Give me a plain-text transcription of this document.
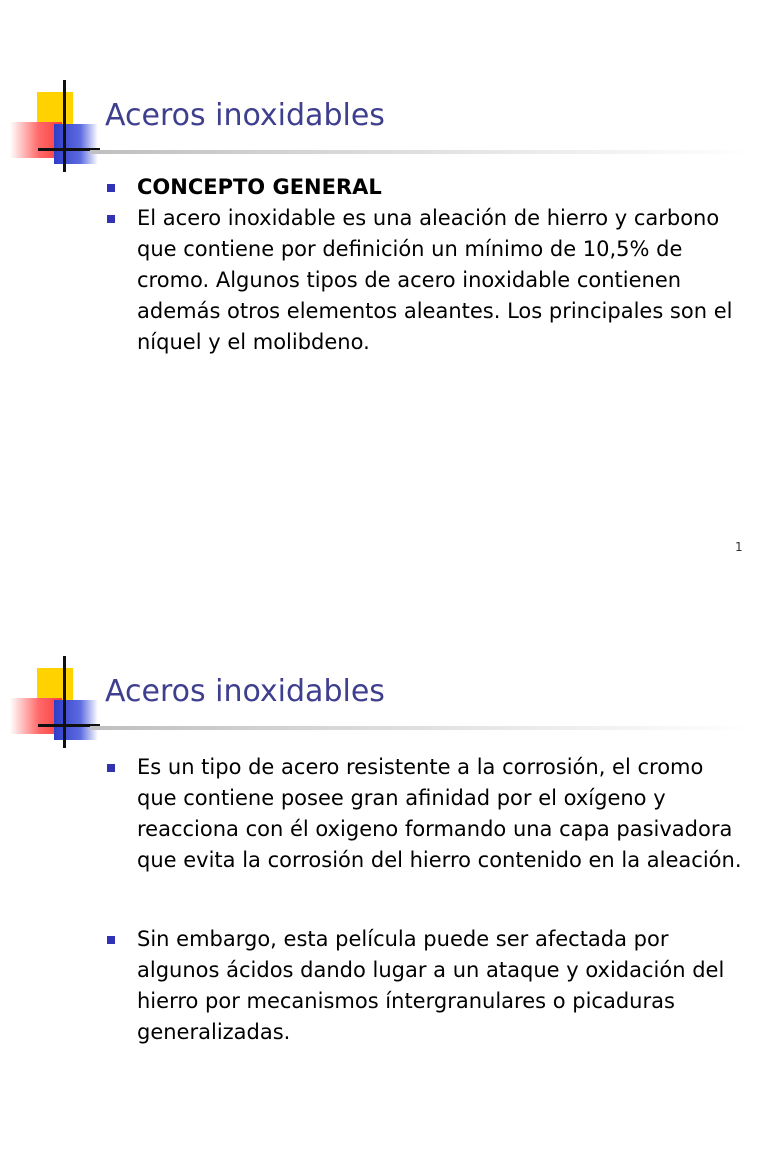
Aceros inoxidables
CONCEPTO GENERAL
El acero inoxidable es una aleación de hierro y carbono que contiene por definición un mínimo de 10,5% de cromo. Algunos tipos de acero inoxidable contienen además otros elementos aleantes. Los principales son el níquel y el molibdeno.
1
Aceros inoxidables
Es un tipo de acero resistente a la corrosión, el cromo que contiene posee gran afinidad por el oxígeno y reacciona con él oxigeno formando una capa pasivadora que evita la corrosión del hierro contenido en la aleación.
Sin embargo, esta película puede ser afectada por algunos ácidos dando lugar a un ataque y oxidación del hierro por mecanismos íntergranulares o picaduras generalizadas.
